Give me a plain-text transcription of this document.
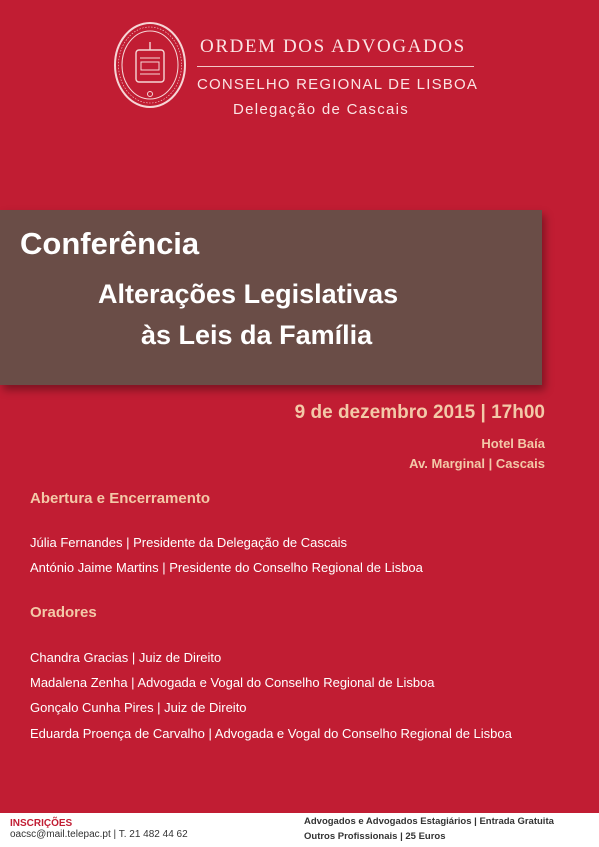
ORDEM DOS ADVOGADOS
CONSELHO REGIONAL DE LISBOA
Delegação de Cascais
Conferência
Alterações Legislativas
às Leis da Família
9 de dezembro 2015 | 17h00
Hotel Baía
Av. Marginal | Cascais
Abertura e Encerramento
Júlia Fernandes | Presidente da Delegação de Cascais
António Jaime Martins | Presidente do Conselho Regional de Lisboa
Oradores
Chandra Gracias | Juiz de Direito
Madalena Zenha | Advogada e Vogal do Conselho Regional de Lisboa
Gonçalo Cunha Pires | Juiz de Direito
Eduarda Proença de Carvalho | Advogada e Vogal do Conselho Regional de Lisboa
INSCRIÇÕES
oacsc@mail.telepac.pt | T. 21 482 44 62
Advogados e Advogados Estagiários | Entrada Gratuita
Outros Profissionais | 25 Euros
